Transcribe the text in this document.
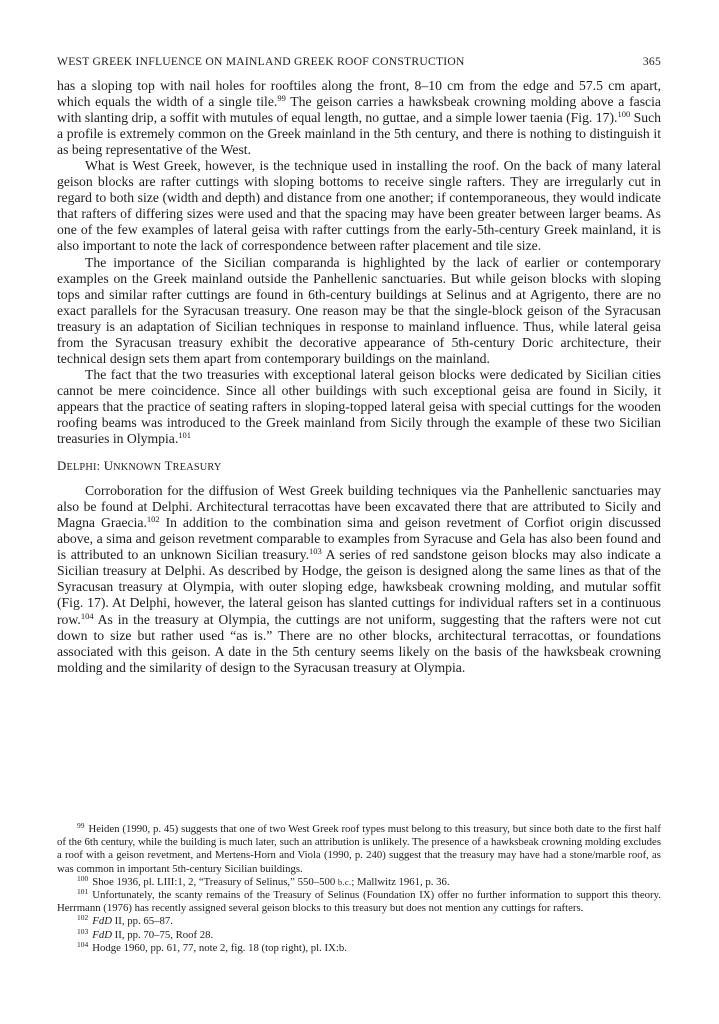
WEST GREEK INFLUENCE ON MAINLAND GREEK ROOF CONSTRUCTION	365

has a sloping top with nail holes for rooftiles along the front, 8–10 cm from the edge and 57.5 cm apart, which equals the width of a single tile.$^{99}$ The geison carries a hawksbeak crowning molding above a fascia with slanting drip, a soffit with mutules of equal length, no guttae, and a simple lower taenia (Fig. 17).$^{100}$ Such a profile is extremely common on the Greek mainland in the 5th century, and there is nothing to distinguish it as being representative of the West.

What is West Greek, however, is the technique used in installing the roof. On the back of many lateral geison blocks are rafter cuttings with sloping bottoms to receive single rafters. They are irregularly cut in regard to both size (width and depth) and distance from one another; if contemporaneous, they would indicate that rafters of differing sizes were used and that the spacing may have been greater between larger beams. As one of the few examples of lateral geisa with rafter cuttings from the early-5th-century Greek mainland, it is also important to note the lack of correspondence between rafter placement and tile size.

The importance of the Sicilian comparanda is highlighted by the lack of earlier or contemporary examples on the Greek mainland outside the Panhellenic sanctuaries. But while geison blocks with sloping tops and similar rafter cuttings are found in 6th-century buildings at Selinus and at Agrigento, there are no exact parallels for the Syracusan treasury. One reason may be that the single-block geison of the Syracusan treasury is an adaptation of Sicilian techniques in response to mainland influence. Thus, while lateral geisa from the Syracusan treasury exhibit the decorative appearance of 5th-century Doric architecture, their technical design sets them apart from contemporary buildings on the mainland.

The fact that the two treasuries with exceptional lateral geison blocks were dedicated by Sicilian cities cannot be mere coincidence. Since all other buildings with such exceptional geisa are found in Sicily, it appears that the practice of seating rafters in sloping-topped lateral geisa with special cuttings for the wooden roofing beams was introduced to the Greek mainland from Sicily through the example of these two Sicilian treasuries in Olympia.$^{101}$

DELPHI: UNKNOWN TREASURY

Corroboration for the diffusion of West Greek building techniques via the Panhellenic sanctuaries may also be found at Delphi. Architectural terracottas have been excavated there that are attributed to Sicily and Magna Graecia.$^{102}$ In addition to the combination sima and geison revetment of Corfiot origin discussed above, a sima and geison revetment comparable to examples from Syracuse and Gela has also been found and is attributed to an unknown Sicilian treasury.$^{103}$ A series of red sandstone geison blocks may also indicate a Sicilian treasury at Delphi. As described by Hodge, the geison is designed along the same lines as that of the Syracusan treasury at Olympia, with outer sloping edge, hawksbeak crowning molding, and mutular soffit (Fig. 17). At Delphi, however, the lateral geison has slanted cuttings for individual rafters set in a continuous row.$^{104}$ As in the treasury at Olympia, the cuttings are not uniform, suggesting that the rafters were not cut down to size but rather used “as is.” There are no other blocks, architectural terracottas, or foundations associated with this geison. A date in the 5th century seems likely on the basis of the hawksbeak crowning molding and the similarity of design to the Syracusan treasury at Olympia.

$^{99}$ Heiden (1990, p. 45) suggests that one of two West Greek roof types must belong to this treasury, but since both date to the first half of the 6th century, while the building is much later, such an attribution is unlikely. The presence of a hawksbeak crowning molding excludes a roof with a geison revetment, and Mertens-Horn and Viola (1990, p. 240) suggest that the treasury may have had a stone/marble roof, as was common in important 5th-century Sicilian buildings.

$^{100}$ Shoe 1936, pl. LIII:1, 2, “Treasury of Selinus,” 550–500 b.c.; Mallwitz 1961, p. 36.

$^{101}$ Unfortunately, the scanty remains of the Treasury of Selinus (Foundation IX) offer no further information to support this theory. Herrmann (1976) has recently assigned several geison blocks to this treasury but does not mention any cuttings for rafters.

$^{102}$ FdD II, pp. 65–87.

$^{103}$ FdD II, pp. 70–75, Roof 28.

$^{104}$ Hodge 1960, pp. 61, 77, note 2, fig. 18 (top right), pl. IX:b.
